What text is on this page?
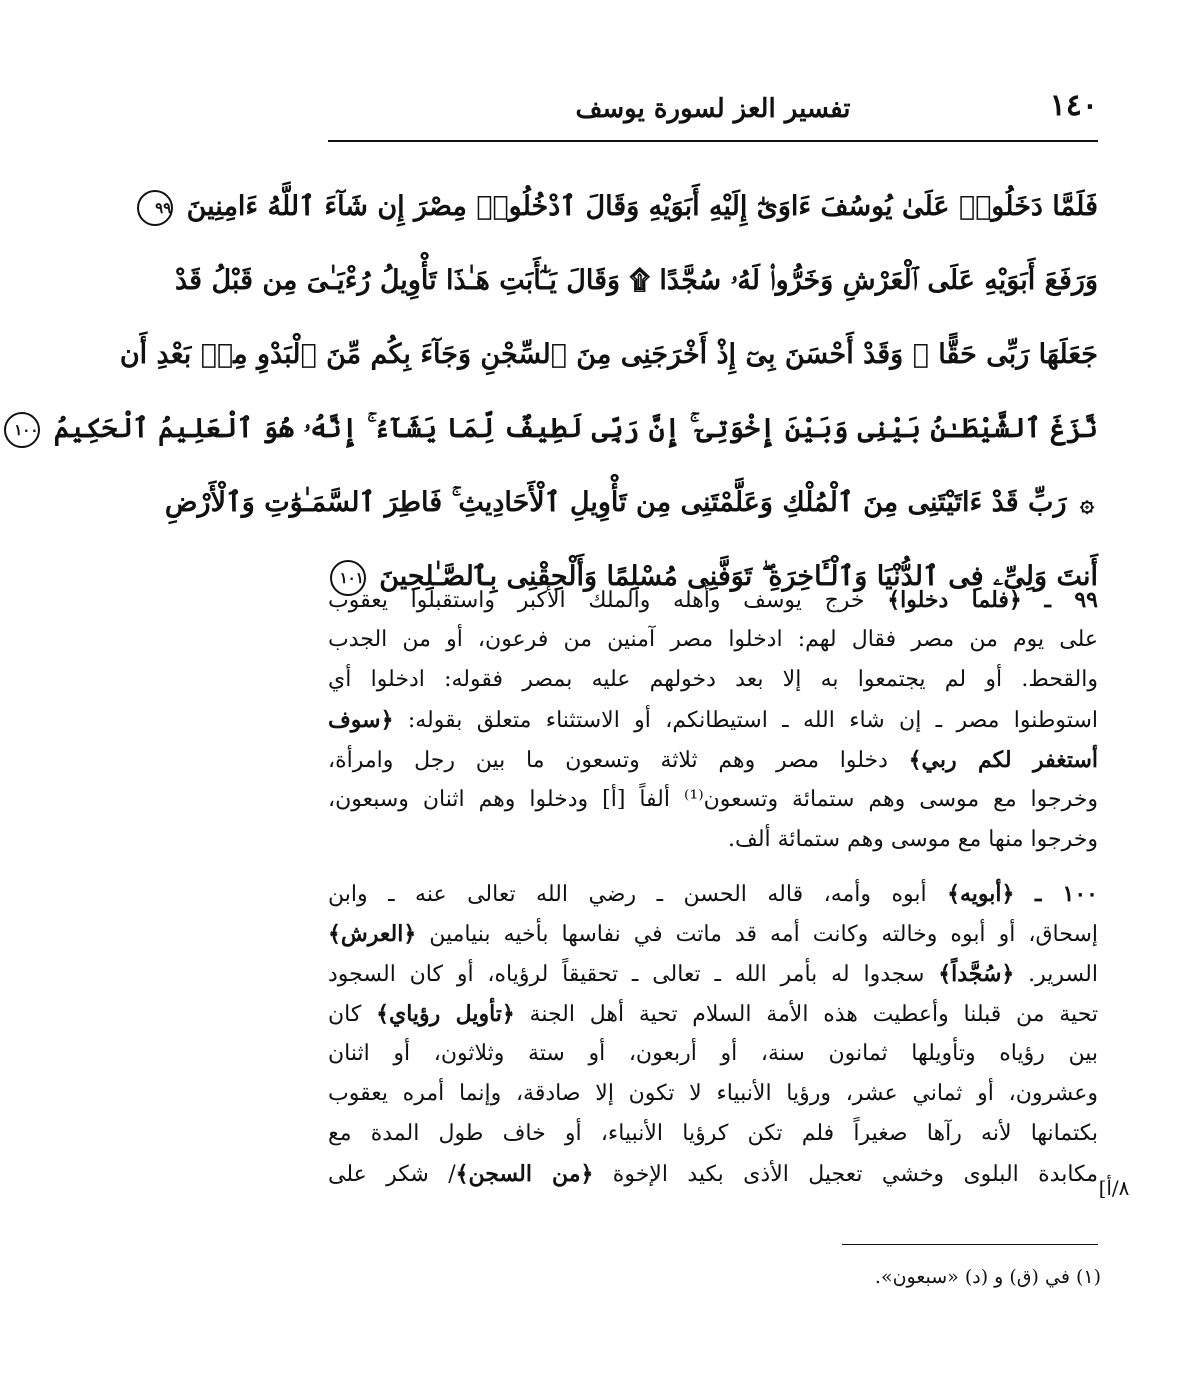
١٤٠
تفسير العز لسورة يوسف
فَلَمَّا دَخَلُوا۟ عَلَىٰ يُوسُفَ ءَاوَىٰٓ إِلَيْهِ أَبَوَيْهِ وَقَالَ ٱدْخُلُوا۟ مِصْرَ إِن شَآءَ ٱللَّهُ ءَامِنِينَ ٩٩
وَرَفَعَ أَبَوَيْهِ عَلَى ٱلْعَرْشِ وَخَرُّوا۟ لَهُۥ سُجَّدًا ۩ وَقَالَ يَـٰٓأَبَتِ هَـٰذَا تَأْوِيلُ رُءْيَـٰىَ مِن قَبْلُ قَدْ
جَعَلَهَا رَبِّى حَقًّا ۖ وَقَدْ أَحْسَنَ بِىٓ إِذْ أَخْرَجَنِى مِنَ ٱلسِّجْنِ وَجَآءَ بِكُم مِّنَ ٱلْبَدْوِ مِنۢ بَعْدِ أَن
نَّزَغَ ٱلشَّيْطَـٰنُ بَيْنِى وَبَيْنَ إِخْوَتِىٓ ۚ إِنَّ رَبِّى لَطِيفٌ لِّمَا يَشَآءُ ۚ إِنَّهُۥ هُوَ ٱلْعَلِيمُ ٱلْحَكِيمُ ١٠٠
۞ رَبِّ قَدْ ءَاتَيْتَنِى مِنَ ٱلْمُلْكِ وَعَلَّمْتَنِى مِن تَأْوِيلِ ٱلْأَحَادِيثِ ۚ فَاطِرَ ٱلسَّمَـٰوَٰتِ وَٱلْأَرْضِ
أَنتَ وَلِىِّۦ فِى ٱلدُّنْيَا وَٱلْـَٔاخِرَةِ ۖ تَوَفَّنِى مُسْلِمًا وَأَلْحِقْنِى بِٱلصَّـٰلِحِينَ ١٠١
٩٩ ـ ﴿فلما دخلوا﴾ خرج يوسف وأهله والملك الأكبر واستقبلوا يعقوب
على يوم من مصر فقال لهم: ادخلوا مصر آمنين من فرعون، أو من الجدب
والقحط. أو لم يجتمعوا به إلا بعد دخولهم عليه بمصر فقوله: ادخلوا أي
استوطنوا مصر ـ إن شاء الله ـ استيطانكم، أو الاستثناء متعلق بقوله: ﴿سوف
أستغفر لكم ربي﴾ دخلوا مصر وهم ثلاثة وتسعون ما بين رجل وامرأة،
وخرجوا مع موسى وهم ستمائة وتسعون⁽¹⁾ ألفاً [أ] ودخلوا وهم اثنان وسبعون،
وخرجوا منها مع موسى وهم ستمائة ألف.
١٠٠ ـ ﴿أبويه﴾ أبوه وأمه، قاله الحسن ـ رضي الله تعالى عنه ـ وابن
إسحاق، أو أبوه وخالته وكانت أمه قد ماتت في نفاسها بأخيه بنيامين ﴿العرش﴾
السرير. ﴿سُجَّداً﴾ سجدوا له بأمر الله ـ تعالى ـ تحقيقاً لرؤياه، أو كان السجود
تحية من قبلنا وأعطيت هذه الأمة السلام تحية أهل الجنة ﴿تأويل رؤياي﴾ كان
بين رؤياه وتأويلها ثمانون سنة، أو أربعون، أو ستة وثلاثون، أو اثنان
وعشرون، أو ثماني عشر، ورؤيا الأنبياء لا تكون إلا صادقة، وإنما أمره يعقوب
بكتمانها لأنه رآها صغيراً فلم تكن كرؤيا الأنبياء، أو خاف طول المدة مع
مكابدة البلوى وخشي تعجيل الأذى بكيد الإخوة ﴿من السجن﴾/ شكر على
٨/أ]
(١) في (ق) و (د) «سبعون».
